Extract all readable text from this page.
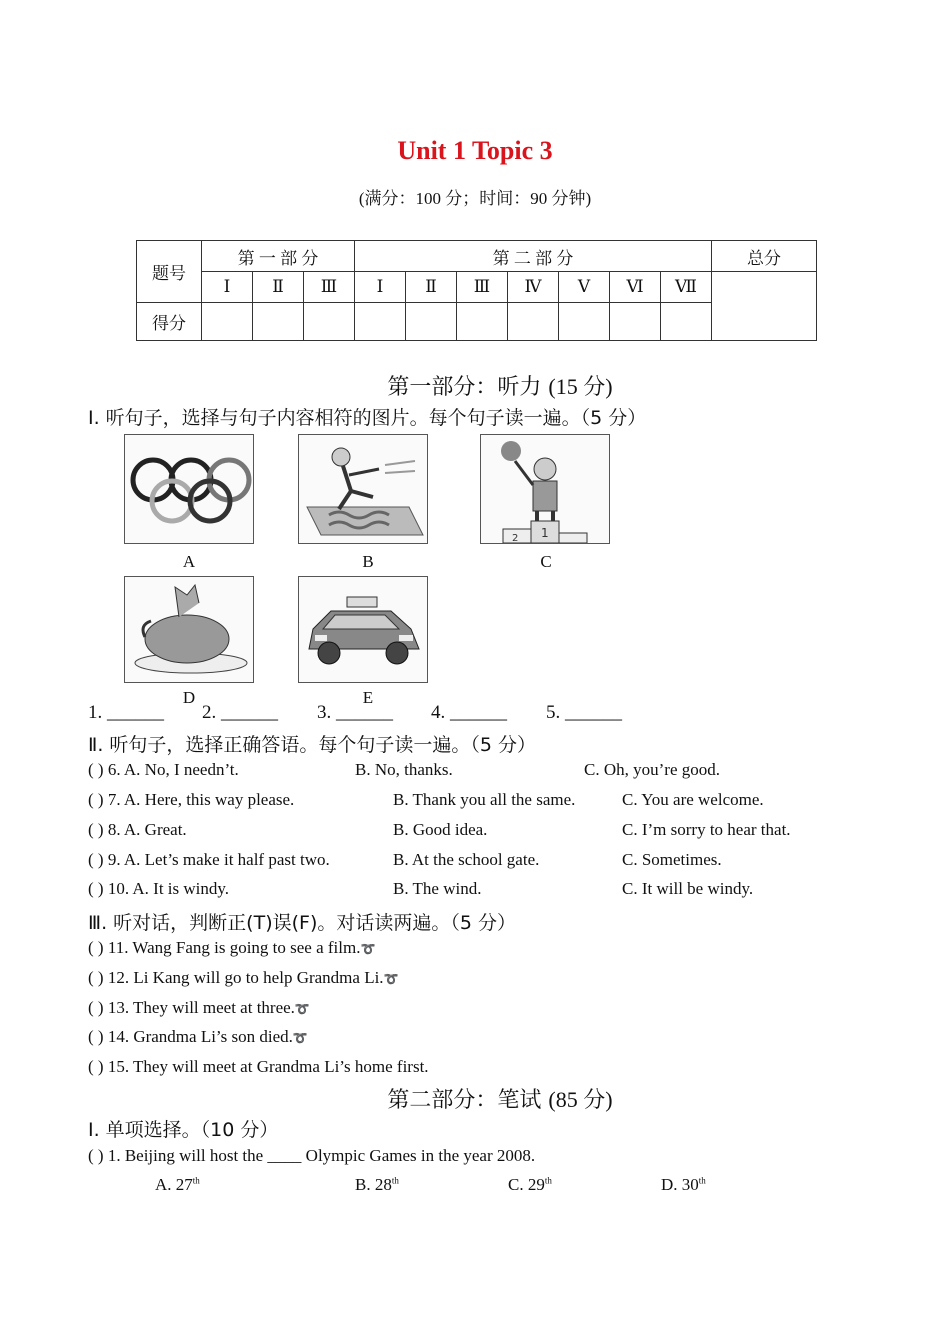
Unit 1 Topic 3
(满分：100 分；时间：90 分钟)
题号	第 一 部 分			第 二 部 分							总分
	Ⅰ	Ⅱ	Ⅲ	Ⅰ	Ⅱ	Ⅲ	Ⅳ	Ⅴ	Ⅵ	Ⅶ	
得分											
第一部分：听力 (15 分)
Ⅰ. 听句子，选择与句子内容相符的图片。每个句子读一遍。（5 分）
1
2
A	B	C
D	E
1. ______ 2. ______ 3. ______ 4. ______ 5. ______
Ⅱ. 听句子，选择正确答语。每个句子读一遍。（5 分）
( ) 6. A. No, I needn’t.	B. No, thanks.	C. Oh, you’re good.
( ) 7. A. Here, this way please.	B. Thank you all the same.	C. You are welcome.
( ) 8. A. Great.	B. Good idea.	C. I’m sorry to hear that.
( ) 9. A. Let’s make it half past two.	B. At the school gate.	C. Sometimes.
( ) 10. A. It is windy.	B. The wind.	C. It will be windy.
Ⅲ. 听对话，判断正(T)误(F)。对话读两遍。（5 分）
( ) 11. Wang Fang is going to see a film.➰
( ) 12. Li Kang will go to help Grandma Li.➰
( ) 13. They will meet at three.➰
( ) 14. Grandma Li’s son died.➰
( ) 15. They will meet at Grandma Li’s home first.
第二部分：笔试 (85 分)
Ⅰ. 单项选择。（10 分）
( ) 1. Beijing will host the ____ Olympic Games in the year 2008.
A. 27th	B. 28th	C. 29th	D. 30th
